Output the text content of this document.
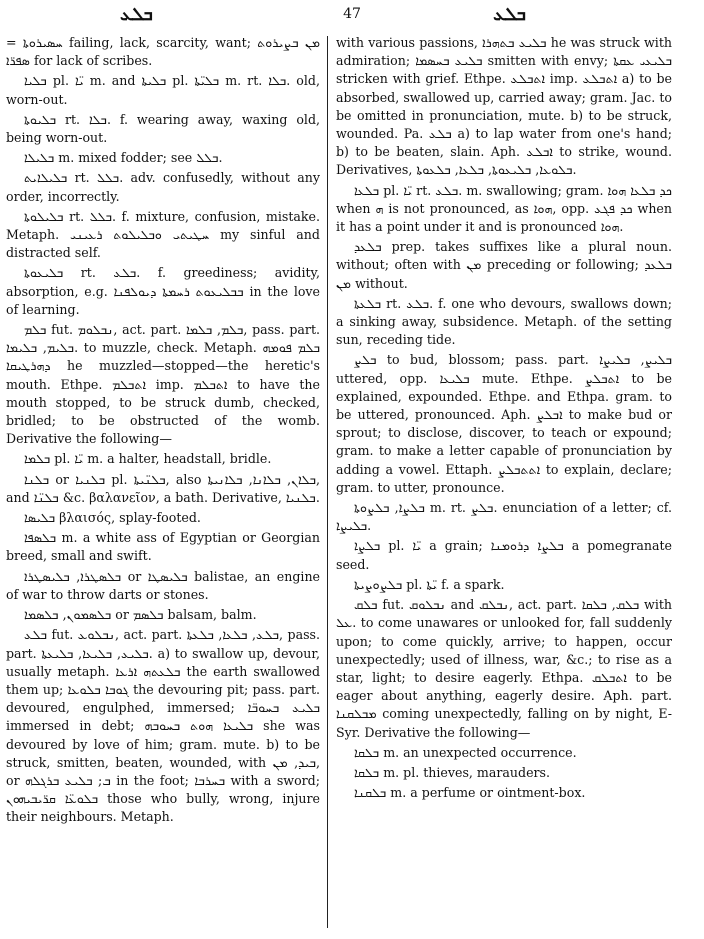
ܒܠܥ	47	ܒܠܥ

= ܚܣܝܪܘܬܐ failing, lack, scarcity, want; ܡܢ ܒܨܝܪܘܬ ܣܦܪ̈ܐ for lack of scribes.

ܒܠܝܐ pl. ܝ̈ܐ m. and ܒܠܝܬܐ pl. ܒܠܝ̈ܬܐ m. rt. ܒܠܐ. old, worn-out.

ܒܠܝܘܬܐ rt. ܒܠܐ. f. wearing away, waxing old, being worn-out.

ܒܠܝܠܐ m. mixed fodder; see ܒܠܠ.

ܒܠܝܠܐܝܬ rt. ܒܠܠ. adv. confusedly, without any order, incorrectly.

ܒܠܝܠܘܬܐ rt. ܒܠܠ. f. mixture, confusion, mistake. Metaph. ܚܛܝܬܝ ܘܒܠܝܠܘܬ ܪܥܝܢܝ my sinful and distracted self.

ܒܠܝܥܘܬܐ rt. ܒܠܥ. f. greediness; avidity, absorption, e.g. ܒܒܠܝܥܘܬ ܪܚܡܬܐ ܕܝܘܠܦܢܐ in the love of learning.

ܒܠܡ fut. ܢܒܠܘܡ, act. part. ܒܠܡ, ܒܠܡܐ, pass. part. ܒܠܝܡ, ܒܠܝܡܐ. to muzzle, check. Metaph. ܒܠܡ ܦܘܡܗ ܕܗܪܛܝܩܐ he muzzled—stopped—the heretic's mouth. Ethpe. ܐܬܒܠܡ imp. ܐܬܒܠܡ to have the mouth stopped, to be struck dumb, checked, bridled; to be obstructed of the womb. Derivative the following—

ܒܠܡܐ pl. ܝ̈ܐ m. a halter, headstall, bridle.

ܒܠܢܐ or ܒܠܢܝܐ pl. ܒܠܢ̈ܝܬܐ, also ܒܠܐܢ, ܒܠܐܢܐ, ܒܠܐܢܝܬܐ, and ܒܠܢ̈ܐ &c. βαλανεῖον, a bath. Derivative, ܒܠܢܝܐ.

ܒܠܝܣܐ βλαισός, splay-footed.

ܒܠܣܦܐ m. a white ass of Egyptian or Georgian breed, small and swift.

ܒܠܣܛܪܐ, ܒܠܝܣܛܪܐ or ܒܠܝܣܛܐ balistae, an engine of war to throw darts or stones.

ܒܠܣܡܘܢ, ܒܠܣܡܐ or ܒܠܣܡ balsam, balm.

ܒܠܥ fut. ܢܒܠܘܥ, act. part. ܒܠܥ, ܒܠܥܐ, ܒܠܥܬܐ, pass. part. ܒܠܝܥ, ܒܠܝܥܐ, ܒܠܝܥܬܐ. a) to swallow up, devour, usually metaph. ܒܠܥܬܗ ܐܪܥܐ the earth swallowed them up; ܓܘܒܐ ܒܠܘܥܐ the devouring pit; pass. part. devoured, engulphed, immersed; ܒܠܝܥ ܒܚܘܒ̈ܐ immersed in debt; ܒܠܝܥܐ ܗܘܬ ܒܚܘܒܗ she was devoured by love of him; gram. mute. b) to be struck, smitten, beaten, wounded, with ܒܝܕ, ܡܢ, or ܒ; ܒܠܝܥ ܒܪܓܠܗ in the foot; ܒܚܪܒܐ with a sword; ܒܠܘܥ̈ܐ ܩܪ̈ܝܒܝܗܘܢ those who bully, wrong, injure their neighbours. Metaph.

with various passions, ܒܠܝܥ ܒܬܗܪܐ he was struck with admiration; ܒܠܝܥ ܒܚܣܡܐ smitten with envy; ܒܠܝܥܝ ܥܩܬܐ stricken with grief. Ethpe. ܐܬܒܠܥ imp. ܐܬܒܠܥ a) to be absorbed, swallowed up, carried away; gram. Jac. to be omitted in pronunciation, mute. b) to be struck, wounded. Pa. ܒܠܥ a) to lap water from one's hand; b) to be beaten, slain. Aph. ܐܒܠܥ to strike, wound. Derivatives, ܒܠܘܥܐ, ܒܠܝܥܘܬܐ, ܒܠܥܐ, ܒܠܥܘܬܐ.

ܒܠܥܐ pl. ܝ̈ܐ rt. ܒܠܥ. m. swallowing; gram. ܟܕ ܒܠܥܐ ܗܘܐ when ܗ is not pronounced, as ܗܘܐ, opp. ܟܕ ܦܓܥ when it has a point under it and is pronounced ܗܘܐ.

ܒܠܥܕ prep. takes suffixes like a plural noun. without; often with ܡܢ preceding or following; ܒܠܥܕ ܡܢ without.

ܒܠܥܬܐ rt. ܒܠܥ. f. one who devours, swallows down; a sinking away, subsidence. Metaph. of the setting sun, receding tide.

ܒܠܨ to bud, blossom; pass. part. ܒܠܝܨ, ܒܠܝܨܐ uttered, opp. ܒܠܝܥܐ mute. Ethpe. ܐܬܒܠܨ to be explained, expounded. Ethpe. and Ethpa. gram. to be uttered, pronounced. Aph. ܐܒܠܨ to make bud or sprout; to disclose, discover, to teach or expound; gram. to make a letter capable of pronunciation by adding a vowel. Ettaph. ܐܬܬܒܠܨ to explain, declare; gram. to utter, pronounce.

ܒܠܨܐ, ܒܠܨܘܬܐ m. rt. ܒܠܨ. enunciation of a letter; cf. ܒܠܝܨܐ.

ܒܠܨܐ pl. ܝ̈ܐ a grain; ܒܠܨܐ ܕܪܘܡܢܐ a pomegranate seed.

ܒܠܨܘܨܝܬܐ pl. ܝ̈ܬܐ f. a spark.

ܒܠܩ fut. ܢܒܠܘܩ and ܢܒܠܩ, act. part. ܒܠܩ, ܒܠܩܐ with ܥܠ. to come unawares or unlooked for, fall suddenly upon; to come quickly, arrive; to happen, occur unexpectedly; used of illness, war, &c.; to rise as a star, light; to desire eagerly. Ethpa. ܐܬܒܠܩ to be eager about anything, eagerly desire. Aph. part. ܡܒܠܩܢܐ coming unexpectedly, falling on by night, E-Syr. Derivative the following—

ܒܠܩܐ m. an unexpected occurrence.

ܒܠܩܐ m. pl. thieves, marauders.

ܒܠܩܢܐ m. a perfume or ointment-box.
